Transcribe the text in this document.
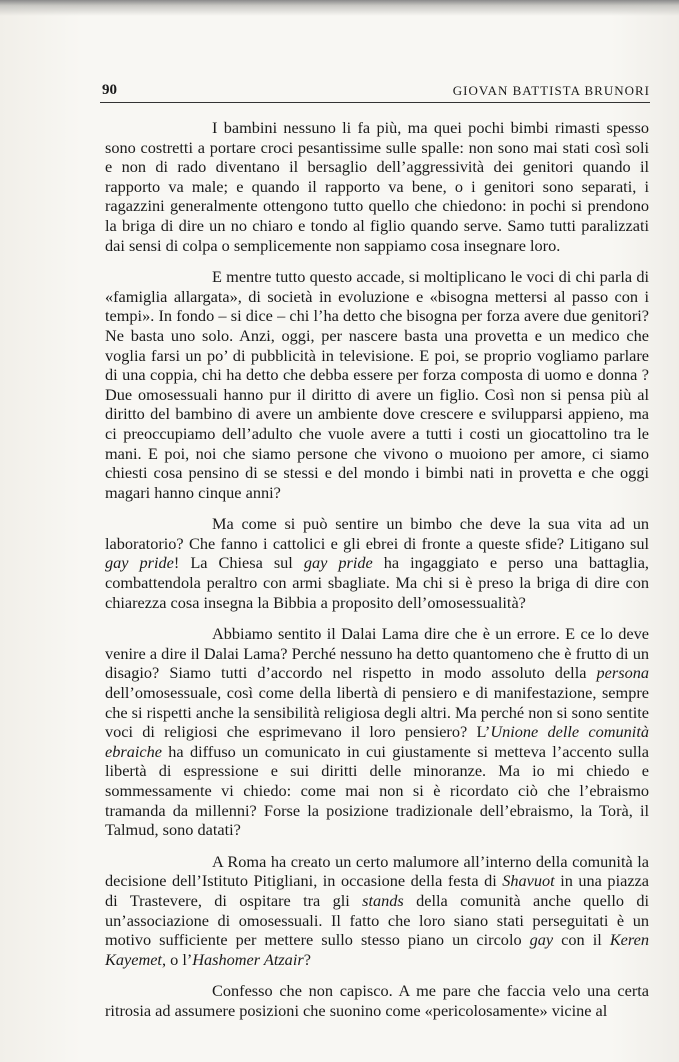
90	GIOVAN BATTISTA BRUNORI

I bambini nessuno li fa più, ma quei pochi bimbi rimasti spesso sono costretti a portare croci pesantissime sulle spalle: non sono mai stati così soli e non di rado diventano il bersaglio dell’aggressività dei genitori quando il rapporto va male; e quando il rapporto va bene, o i genitori sono separati, i ragazzini generalmente ottengono tutto quello che chiedono: in pochi si prendono la briga di dire un no chiaro e tondo al figlio quando serve. Samo tutti paralizzati dai sensi di colpa o semplicemente non sappiamo cosa insegnare loro.

E mentre tutto questo accade, si moltiplicano le voci di chi parla di «famiglia allargata», di società in evoluzione e «bisogna mettersi al passo con i tempi». In fondo – si dice – chi l’ha detto che bisogna per forza avere due genitori? Ne basta uno solo. Anzi, oggi, per nascere basta una provetta e un medico che voglia farsi un po’ di pubblicità in televisione. E poi, se proprio vogliamo parlare di una coppia, chi ha detto che debba essere per forza composta di uomo e donna ? Due omosessuali hanno pur il diritto di avere un figlio. Così non si pensa più al diritto del bambino di avere un ambiente dove crescere e svilupparsi appieno, ma ci preoccupiamo dell’adulto che vuole avere a tutti i costi un giocattolino tra le mani. E poi, noi che siamo persone che vivono o muoiono per amore, ci siamo chiesti cosa pensino di se stessi e del mondo i bimbi nati in provetta e che oggi magari hanno cinque anni?

Ma come si può sentire un bimbo che deve la sua vita ad un laboratorio? Che fanno i cattolici e gli ebrei di fronte a queste sfide? Litigano sul gay pride! La Chiesa sul gay pride ha ingaggiato e perso una battaglia, combattendola peraltro con armi sbagliate. Ma chi si è preso la briga di dire con chiarezza cosa insegna la Bibbia a proposito dell’omosessualità?

Abbiamo sentito il Dalai Lama dire che è un errore. E ce lo deve venire a dire il Dalai Lama? Perché nessuno ha detto quantomeno che è frutto di un disagio? Siamo tutti d’accordo nel rispetto in modo assoluto della persona dell’omosessuale, così come della libertà di pensiero e di manifestazione, sempre che si rispetti anche la sensibilità religiosa degli altri. Ma perché non si sono sentite voci di religiosi che esprimevano il loro pensiero? L’Unione delle comunità ebraiche ha diffuso un comunicato in cui giustamente si metteva l’accento sulla libertà di espressione e sui diritti delle minoranze. Ma io mi chiedo e sommessamente vi chiedo: come mai non si è ricordato ciò che l’ebraismo tramanda da millenni? Forse la posizione tradizionale dell’ebraismo, la Torà, il Talmud, sono datati?

A Roma ha creato un certo malumore all’interno della comunità la decisione dell’Istituto Pitigliani, in occasione della festa di Shavuot in una piazza di Trastevere, di ospitare tra gli stands della comunità anche quello di un’associazione di omosessuali. Il fatto che loro siano stati perseguitati è un motivo sufficiente per mettere sullo stesso piano un circolo gay con il Keren Kayemet, o l’Hashomer Atzair?

Confesso che non capisco. A me pare che faccia velo una certa ritrosia ad assumere posizioni che suonino come «pericolosamente» vicine al
